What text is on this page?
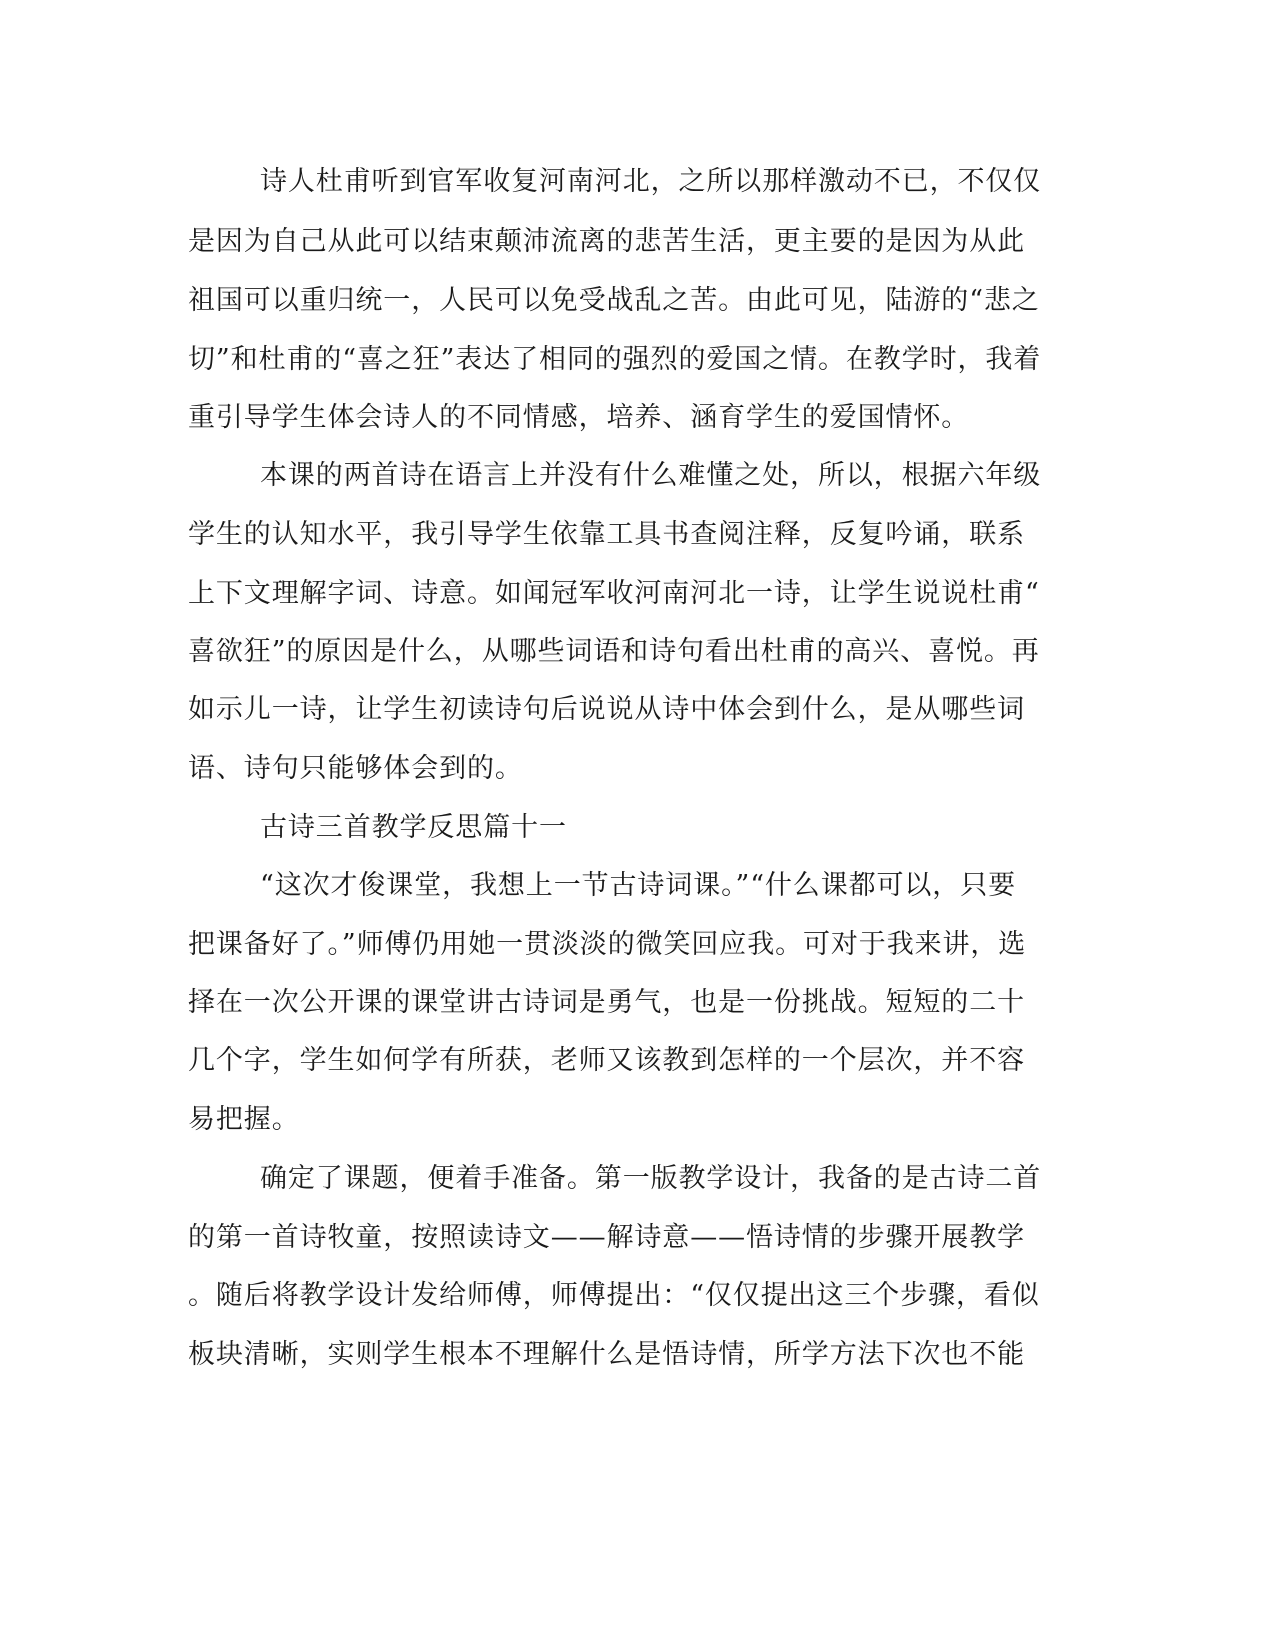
诗人杜甫听到官军收复河南河北，之所以那样激动不已，不仅仅
是因为自己从此可以结束颠沛流离的悲苦生活，更主要的是因为从此
祖国可以重归统一，人民可以免受战乱之苦。由此可见，陆游的“悲之
切”和杜甫的“喜之狂”表达了相同的强烈的爱国之情。在教学时，我着
重引导学生体会诗人的不同情感，培养、涵育学生的爱国情怀。
本课的两首诗在语言上并没有什么难懂之处，所以，根据六年级
学生的认知水平，我引导学生依靠工具书查阅注释，反复吟诵，联系
上下文理解字词、诗意。如闻冠军收河南河北一诗，让学生说说杜甫“
喜欲狂”的原因是什么，从哪些词语和诗句看出杜甫的高兴、喜悦。再
如示儿一诗，让学生初读诗句后说说从诗中体会到什么，是从哪些词
语、诗句只能够体会到的。
古诗三首教学反思篇十一
“这次才俊课堂，我想上一节古诗词课。”“什么课都可以，只要
把课备好了。”师傅仍用她一贯淡淡的微笑回应我。可对于我来讲，选
择在一次公开课的课堂讲古诗词是勇气，也是一份挑战。短短的二十
几个字，学生如何学有所获，老师又该教到怎样的一个层次，并不容
易把握。
确定了课题，便着手准备。第一版教学设计，我备的是古诗二首
的第一首诗牧童，按照读诗文——解诗意——悟诗情的步骤开展教学
。随后将教学设计发给师傅，师傅提出：“仅仅提出这三个步骤，看似
板块清晰，实则学生根本不理解什么是悟诗情，所学方法下次也不能
